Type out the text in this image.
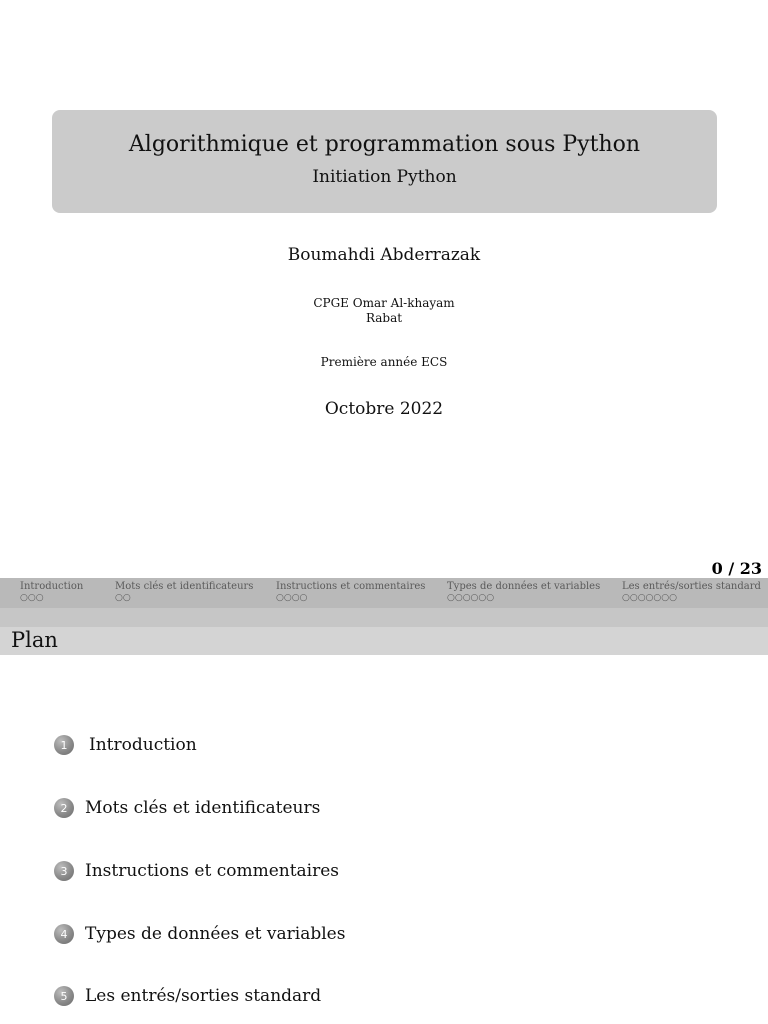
Algorithmique et programmation sous Python
Initiation Python
Boumahdi Abderrazak
CPGE Omar Al-khayam
Rabat
Première année ECS
Octobre 2022
0 / 23
Introduction
○○○
Mots clés et identificateurs
○○
Instructions et commentaires
○○○○
Types de données et variables
○○○○○○
Les entrés/sorties standard
○○○○○○○
Plan
1	Introduction
2	Mots clés et identificateurs
3	Instructions et commentaires
4	Types de données et variables
5	Les entrés/sorties standard
